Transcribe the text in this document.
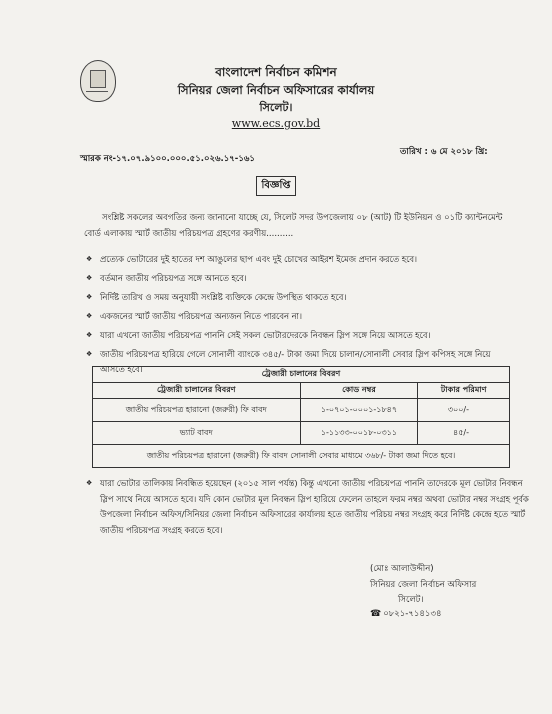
বাংলাদেশ নির্বাচন কমিশন
সিনিয়র জেলা নির্বাচন অফিসারের কার্যালয়
সিলেট।
www.ecs.gov.bd
তারিখ : ৬ মে ২০১৮ খ্রি:
স্মারক নং-১৭.০৭.৯১০০.০০০.৫১.০২৬.১৭-১৬১
বিজ্ঞপ্তি
সংশ্লিষ্ট সকলের অবগতির জন্য জানানো যাচ্ছে যে, সিলেট সদর উপজেলায় ০৮ (আট) টি ইউনিয়ন ও ০১টি ক্যান্টনমেন্ট বোর্ড এলাকায় স্মার্ট জাতীয় পরিচয়পত্র গ্রহণের করণীয়..........
❖ প্রত্যেক ভোটারের দুই হাতের দশ আঙুলের ছাপ এবং দুই চোখের আইরশ ইমেজ প্রদান করতে হবে।
❖ বর্তমান জাতীয় পরিচয়পত্র সঙ্গে আনতে হবে।
❖ নির্দিষ্ট তারিখ ও সময় অনুযায়ী সংশ্লিষ্ট ব্যক্তিকে কেন্দ্রে উপস্থিত থাকতে হবে।
❖ একজনের স্মার্ট জাতীয় পরিচয়পত্র অন্যজন নিতে পারবেন না।
❖ যারা এখনো জাতীয় পরিচয়পত্র পাননি সেই সকল ভোটারদেরকে নিবন্ধন স্লিপ সঙ্গে নিয়ে আসতে হবে।
❖ জাতীয় পরিচয়পত্র হারিয়ে গেলে সোনালী ব্যাংকে ৩৪৫/- টাকা জমা দিয়ে চালান/সোনালী সেবার স্লিপ কপিসহ সঙ্গে নিয়ে আসতে হবে।	ট্রেজারী চালানের বিবরণ		
ট্রেজারী চালানের বিবরণ	কোড নম্বর	টাকার পরিমাণ
জাতীয় পরিচয়পত্র হারানো (জরুরী) ফি বাবদ	১-০৭০১-০০০১-১৮৪৭	৩০০/-
ভ্যাট বাবদ	১-১১৩৩-০০১৮-০৩১১	৪৫/-
জাতীয় পরিচয়পত্র হারানো (জরুরী) ফি বাবদ সোনালী সেবার মাধ্যমে ৩৬৮/- টাকা জমা দিতে হবে।		
❖ যারা ভোটার তালিকায় নিবন্ধিত হয়েছেন (২০১৫ সাল পর্যন্ত) কিন্তু এখনো জাতীয় পরিচয়পত্র পাননি তাদেরকে মূল ভোটার নিবন্ধন স্লিপ সাথে নিয়ে আসতে হবে। যদি কোন ভোটার মূল নিবন্ধন স্লিপ হারিয়ে ফেলেন তাহলে ফরম নম্বর অথবা ভোটার নম্বর সংগ্রহ পূর্বক উপজেলা নির্বাচন অফিস/সিনিয়র জেলা নির্বাচন অফিসারের কার্যালয় হতে জাতীয় পরিচয় নম্বর সংগ্রহ করে নির্দিষ্ট কেন্দ্রে হতে স্মার্ট জাতীয় পরিচয়পত্র সংগ্রহ করতে হবে।
(মোঃ আলাউদ্দীন)
সিনিয়র জেলা নির্বাচন অফিসার
সিলেট।
☎ ০৮২১-৭১৪১৩৪
